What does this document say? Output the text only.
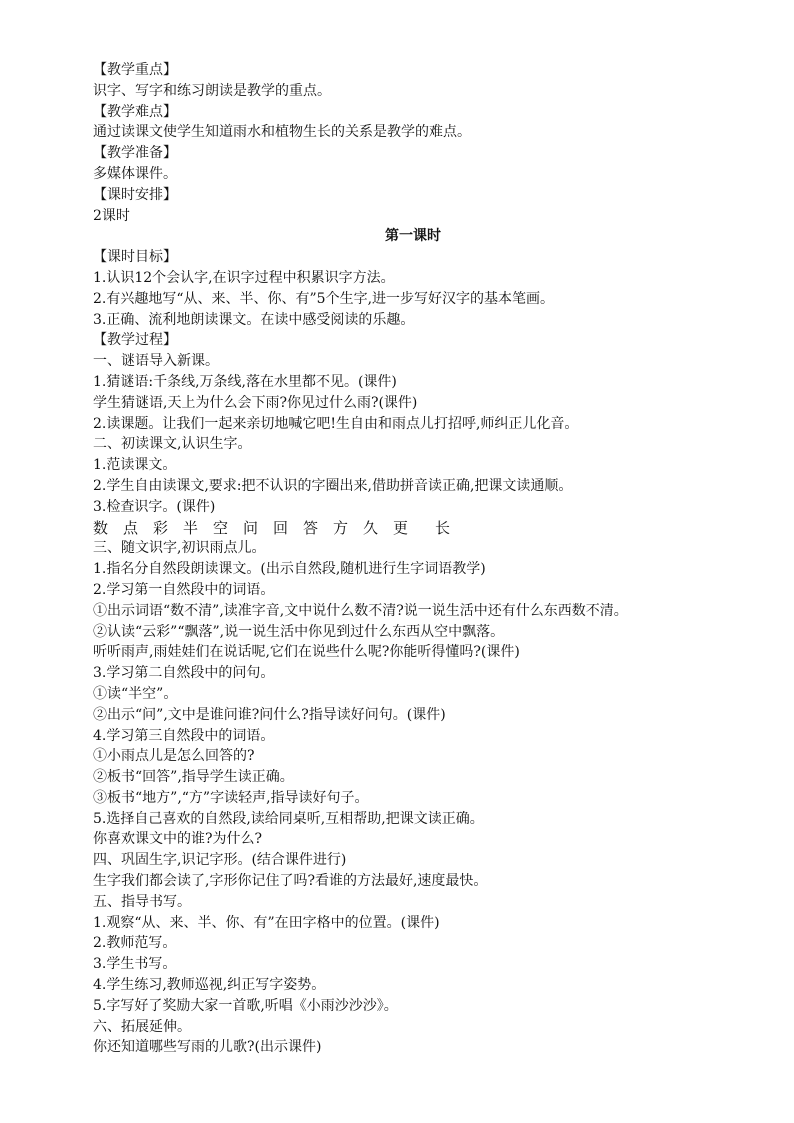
【教学重点】
识字、写字和练习朗读是教学的重点。
【教学难点】
通过读课文使学生知道雨水和植物生长的关系是教学的难点。
【教学准备】
多媒体课件。
【课时安排】
2课时
第一课时
【课时目标】
1.认识12个会认字,在识字过程中积累识字方法。
2.有兴趣地写“从、来、半、你、有”5个生字,进一步写好汉字的基本笔画。
3.正确、流利地朗读课文。在读中感受阅读的乐趣。
【教学过程】
一、谜语导入新课。
1.猜谜语:千条线,万条线,落在水里都不见。(课件)
学生猜谜语,天上为什么会下雨?你见过什么雨?(课件)
2.读课题。让我们一起来亲切地喊它吧!生自由和雨点儿打招呼,师纠正儿化音。
二、初读课文,认识生字。
1.范读课文。
2.学生自由读课文,要求:把不认识的字圈出来,借助拼音读正确,把课文读通顺。
3.检查识字。(课件)
数 点 彩 半 空 问 回 答 方 久 更	长
三、随文识字,初识雨点儿。
1.指名分自然段朗读课文。(出示自然段,随机进行生字词语教学)
2.学习第一自然段中的词语。
①出示词语“数不清”,读准字音,文中说什么数不清?说一说生活中还有什么东西数不清。
②认读“云彩”“飘落”,说一说生活中你见到过什么东西从空中飘落。
听听雨声,雨娃娃们在说话呢,它们在说些什么呢?你能听得懂吗?(课件)
3.学习第二自然段中的问句。
①读“半空”。
②出示“问”,文中是谁问谁?问什么?指导读好问句。(课件)
4.学习第三自然段中的词语。
①小雨点儿是怎么回答的?
②板书“回答”,指导学生读正确。
③板书“地方”,“方”字读轻声,指导读好句子。
5.选择自己喜欢的自然段,读给同桌听,互相帮助,把课文读正确。
你喜欢课文中的谁?为什么?
四、巩固生字,识记字形。(结合课件进行)
生字我们都会读了,字形你记住了吗?看谁的方法最好,速度最快。
五、指导书写。
1.观察“从、来、半、你、有”在田字格中的位置。(课件)
2.教师范写。
3.学生书写。
4.学生练习,教师巡视,纠正写字姿势。
5.字写好了奖励大家一首歌,听唱《小雨沙沙沙》。
六、拓展延伸。
你还知道哪些写雨的儿歌?(出示课件)
